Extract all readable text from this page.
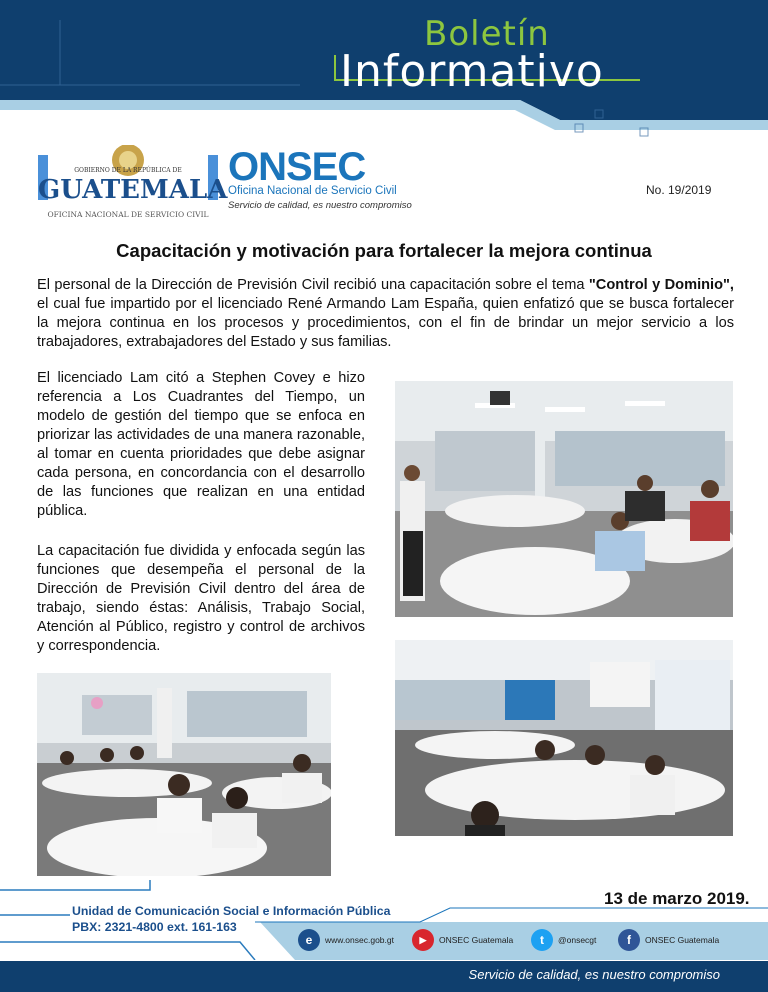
Boletín
Informativo
GOBIERNO DE LA REPÚBLICA DE
GUATEMALA
OFICINA NACIONAL DE SERVICIO CIVIL
ONSEC
Oficina Nacional de Servicio Civil
Servicio de calidad, es nuestro compromiso
No. 19/2019
Capacitación y motivación para fortalecer la mejora continua

El personal de la Dirección de Previsión Civil recibió una capacitación sobre el tema "Control y Dominio", el cual fue impartido por el licenciado René Armando Lam España, quien enfatizó que se busca fortalecer la mejora continua en los procesos y procedimientos, con el fin de brindar un mejor servicio a los trabajadores, extrabajadores del Estado y sus familias.

El licenciado Lam citó a Stephen Covey e hizo referencia a Los Cuadrantes del Tiempo, un modelo de gestión del tiempo que se enfoca en priorizar las actividades de una manera razonable, al tomar en cuenta prioridades que debe asignar cada persona, en concordancia con el desarrollo de las funciones que realizan en una entidad pública.

La capacitación fue dividida y enfocada según las funciones que desempeña el personal de la Dirección de Previsión Civil dentro del área de trabajo, siendo éstas: Análisis, Trabajo Social, Atención al Público, registro y control de archivos y correspondencia.

13 de marzo 2019.
Unidad de Comunicación Social e Información Pública
PBX: 2321-4800 ext. 161-163
e	www.onsec.gob.gt	▶	ONSEC Guatemala	t	@onsecgt	f	ONSEC Guatemala
Servicio de calidad, es nuestro compromiso
